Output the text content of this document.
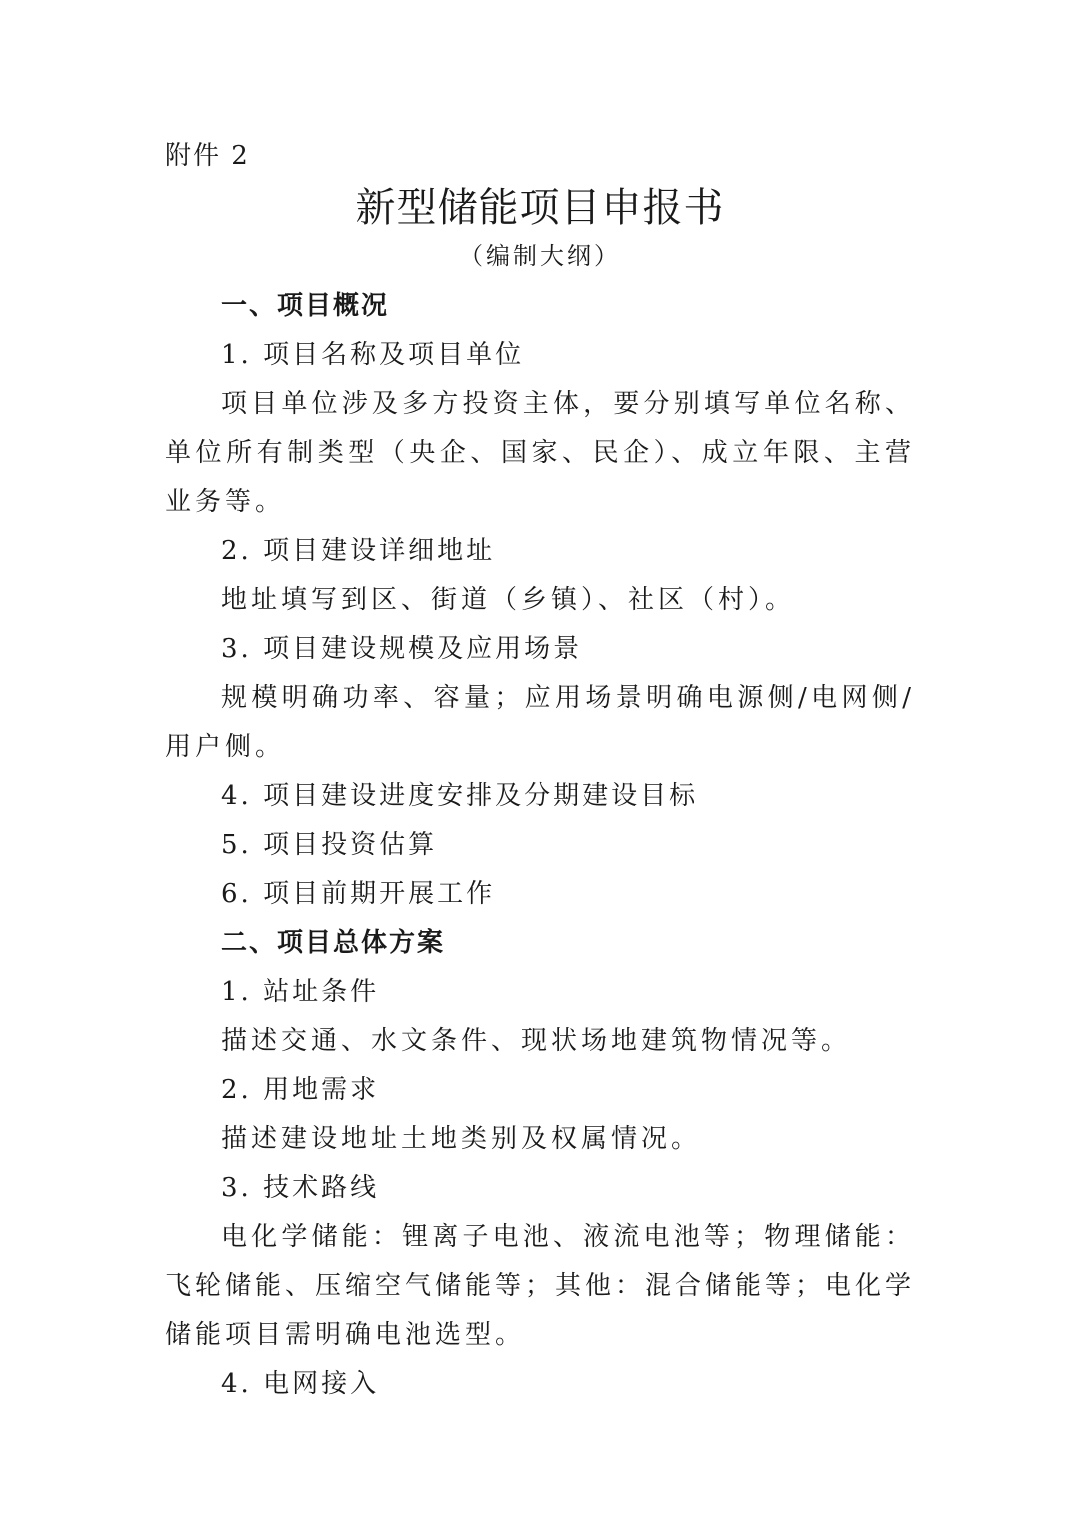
附件 2
新型储能项目申报书
（编制大纲）
一、项目概况
1. 项目名称及项目单位
项目单位涉及多方投资主体，要分别填写单位名称、单位所有制类型（央企、国家、民企）、成立年限、主营业务等。
2. 项目建设详细地址
地址填写到区、街道（乡镇）、社区（村）。
3. 项目建设规模及应用场景
规模明确功率、容量；应用场景明确电源侧/电网侧/用户侧。
4. 项目建设进度安排及分期建设目标
5. 项目投资估算
6. 项目前期开展工作
二、项目总体方案
1. 站址条件
描述交通、水文条件、现状场地建筑物情况等。
2. 用地需求
描述建设地址土地类别及权属情况。
3. 技术路线
电化学储能：锂离子电池、液流电池等；物理储能：飞轮储能、压缩空气储能等；其他：混合储能等；电化学储能项目需明确电池选型。
4. 电网接入
